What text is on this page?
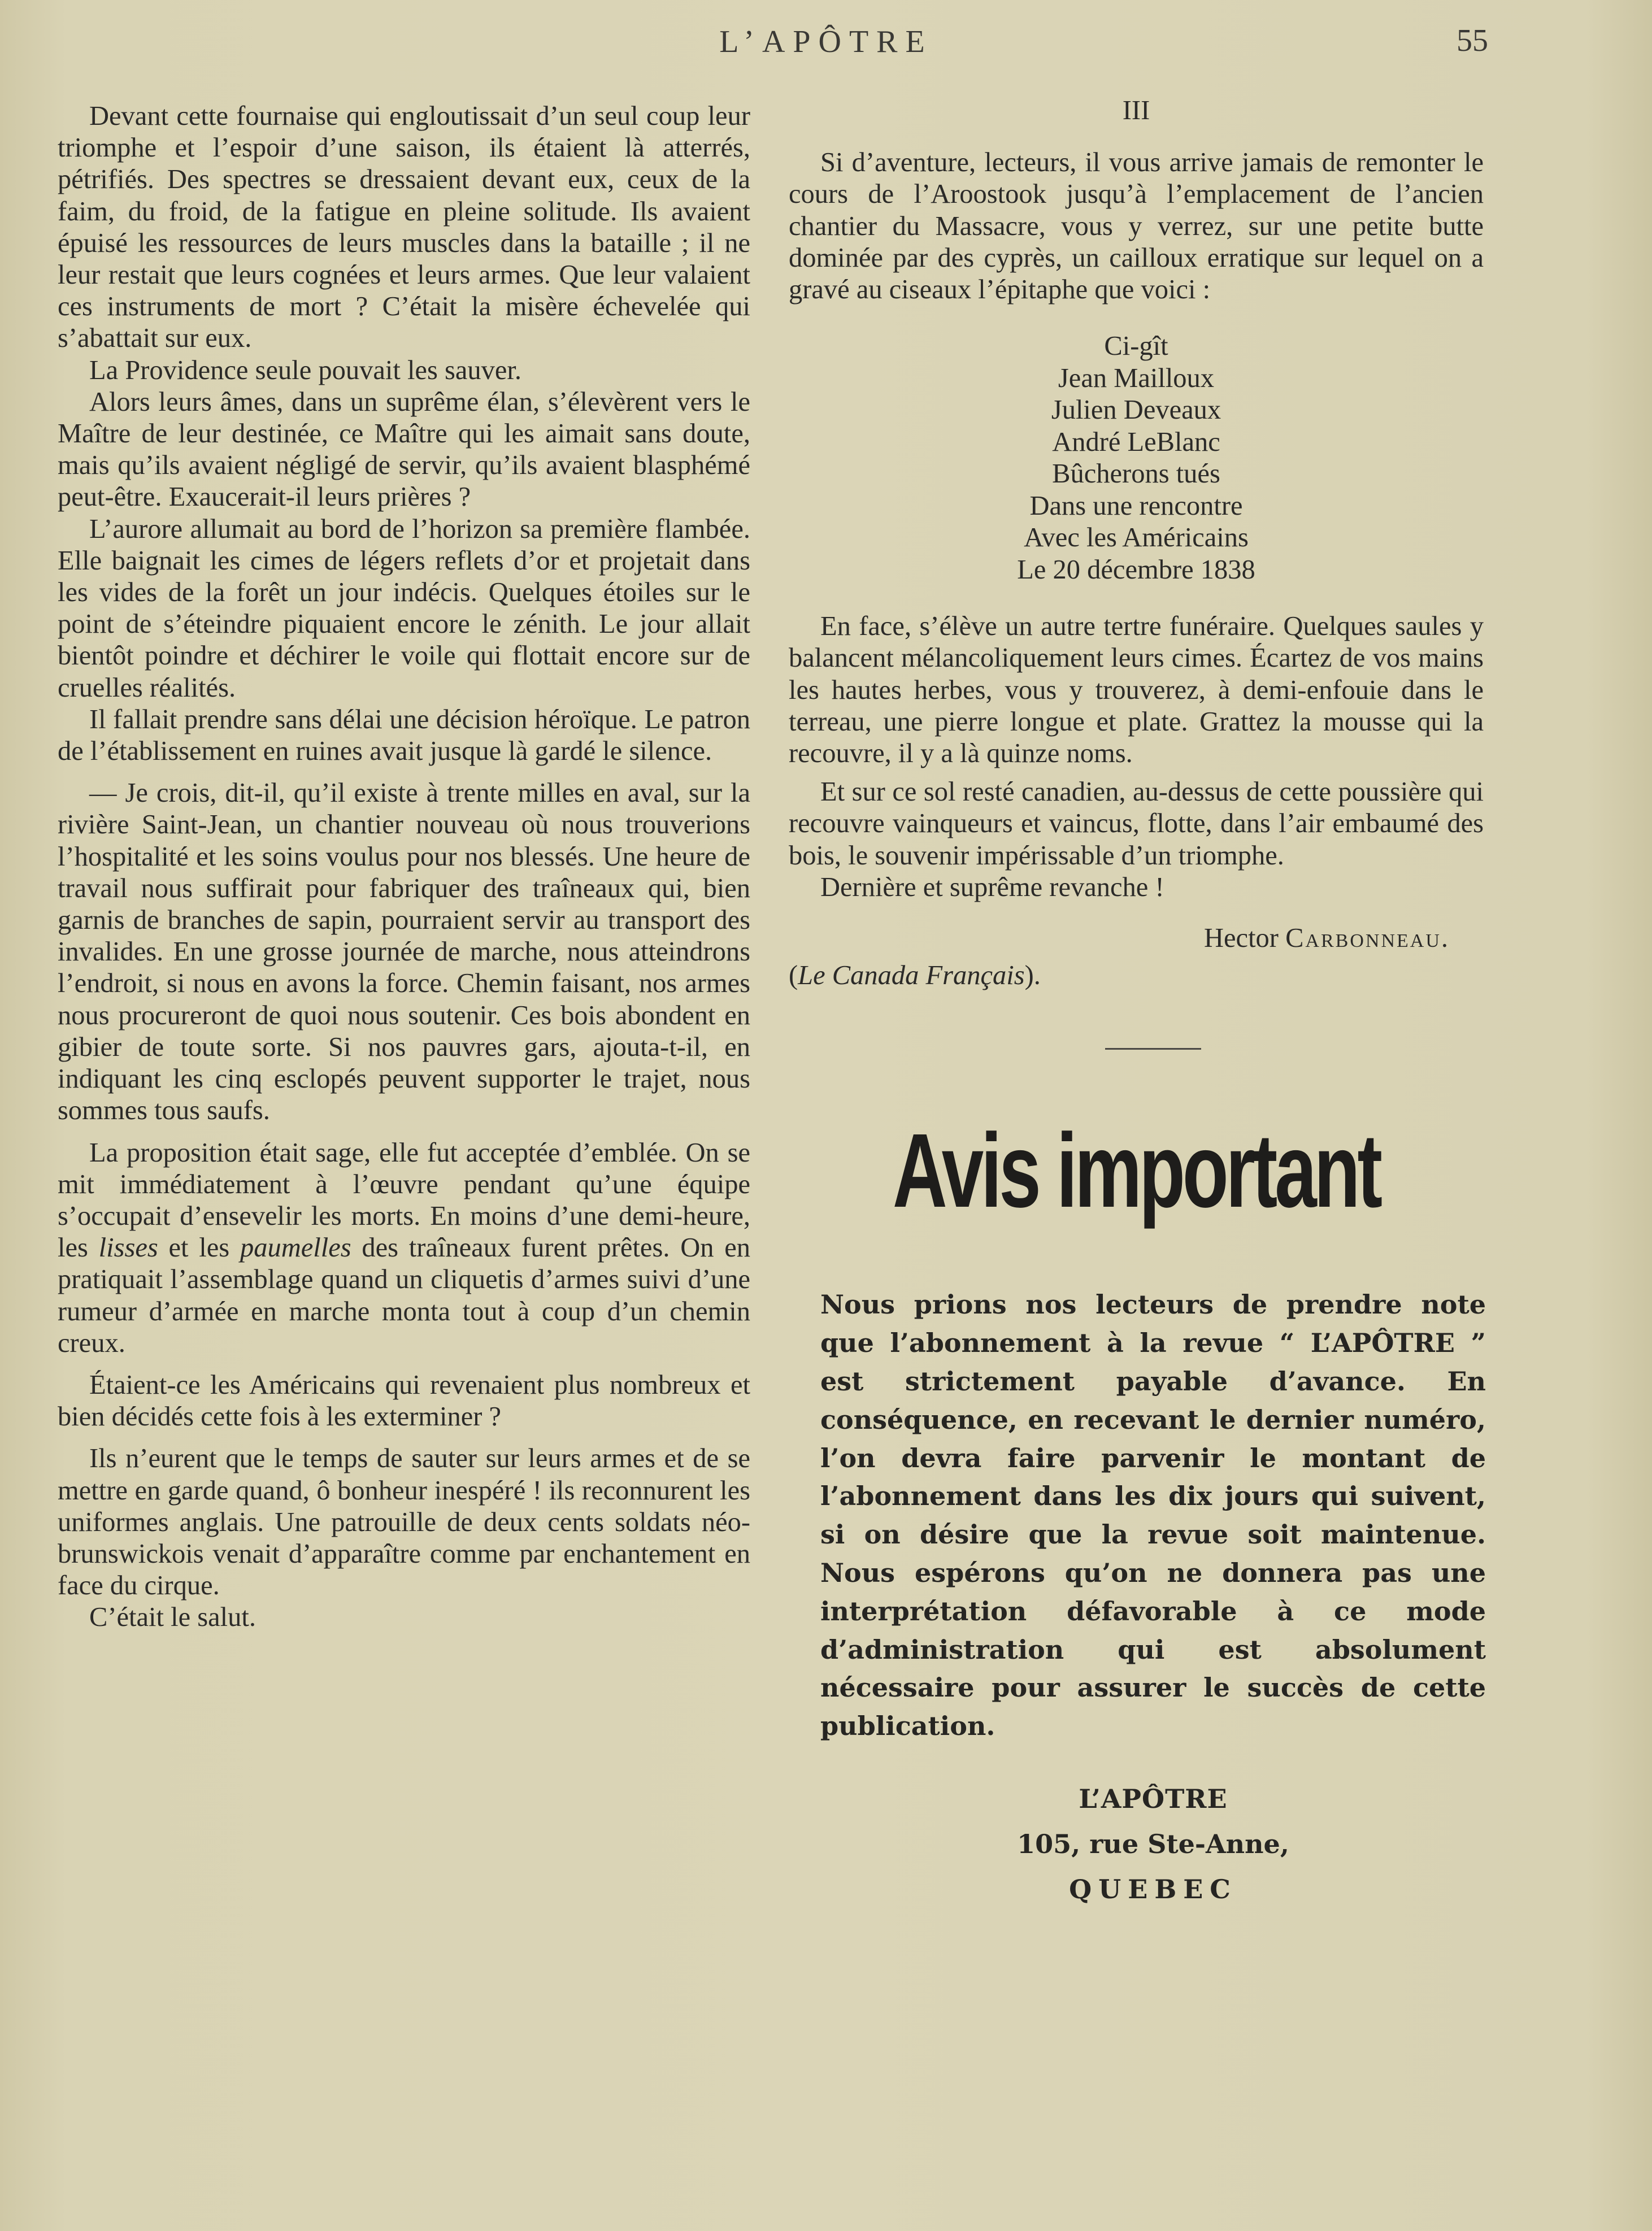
L’APÔTRE	55

Devant cette fournaise qui engloutissait d’un seul coup leur triomphe et l’espoir d’une saison, ils étaient là atterrés, pétrifiés. Des spectres se dressaient devant eux, ceux de la faim, du froid, de la fatigue en pleine solitude. Ils avaient épuisé les ressources de leurs muscles dans la bataille ; il ne leur restait que leurs cognées et leurs armes. Que leur valaient ces instruments de mort ? C’était la misère échevelée qui s’abattait sur eux.

La Providence seule pouvait les sauver.

Alors leurs âmes, dans un suprême élan, s’élevèrent vers le Maître de leur destinée, ce Maître qui les aimait sans doute, mais qu’ils avaient négligé de servir, qu’ils avaient blasphémé peut-être. Exaucerait-il leurs prières ?

L’aurore allumait au bord de l’horizon sa première flambée. Elle baignait les cimes de légers reflets d’or et projetait dans les vides de la forêt un jour indécis. Quelques étoiles sur le point de s’éteindre piquaient encore le zénith. Le jour allait bientôt poindre et déchirer le voile qui flottait encore sur de cruelles réalités.

Il fallait prendre sans délai une décision héroïque. Le patron de l’établissement en ruines avait jusque là gardé le silence.

— Je crois, dit-il, qu’il existe à trente milles en aval, sur la rivière Saint-Jean, un chantier nouveau où nous trouverions l’hospitalité et les soins voulus pour nos blessés. Une heure de travail nous suffirait pour fabriquer des traîneaux qui, bien garnis de branches de sapin, pourraient servir au transport des invalides. En une grosse journée de marche, nous atteindrons l’endroit, si nous en avons la force. Chemin faisant, nos armes nous procureront de quoi nous soutenir. Ces bois abondent en gibier de toute sorte. Si nos pauvres gars, ajouta-t-il, en indiquant les cinq esclopés peuvent supporter le trajet, nous sommes tous saufs.

La proposition était sage, elle fut acceptée d’emblée. On se mit immédiatement à l’œuvre pendant qu’une équipe s’occupait d’ensevelir les morts. En moins d’une demi-heure, les lisses et les paumelles des traîneaux furent prêtes. On en pratiquait l’assemblage quand un cliquetis d’armes suivi d’une rumeur d’armée en marche monta tout à coup d’un chemin creux.

Étaient-ce les Américains qui revenaient plus nombreux et bien décidés cette fois à les exterminer ?

Ils n’eurent que le temps de sauter sur leurs armes et de se mettre en garde quand, ô bonheur inespéré ! ils reconnurent les uniformes anglais. Une patrouille de deux cents soldats néo-brunswickois venait d’apparaître comme par enchantement en face du cirque.

C’était le salut.

III

Si d’aventure, lecteurs, il vous arrive jamais de remonter le cours de l’Aroostook jusqu’à l’emplacement de l’ancien chantier du Massacre, vous y verrez, sur une petite butte dominée par des cyprès, un cailloux erratique sur lequel on a gravé au ciseaux l’épitaphe que voici :

Ci-gît
Jean Mailloux
Julien Deveaux
André LeBlanc
Bûcherons tués
Dans une rencontre
Avec les Américains
Le 20 décembre 1838

En face, s’élève un autre tertre funéraire. Quelques saules y balancent mélancoliquement leurs cimes. Écartez de vos mains les hautes herbes, vous y trouverez, à demi-enfouie dans le terreau, une pierre longue et plate. Grattez la mousse qui la recouvre, il y a là quinze noms.

Et sur ce sol resté canadien, au-dessus de cette poussière qui recouvre vainqueurs et vaincus, flotte, dans l’air embaumé des bois, le souvenir impérissable d’un triomphe.

Dernière et suprême revanche !

Hector Carbonneau.

(Le Canada Français).

Avis important

Nous prions nos lecteurs de prendre note que l’abonnement à la revue “ L’APÔTRE ” est strictement payable d’avance. En conséquence, en recevant le dernier numéro, l’on devra faire parvenir le montant de l’abonnement dans les dix jours qui suivent, si on désire que la revue soit maintenue. Nous espérons qu’on ne donnera pas une interprétation défavorable à ce mode d’administration qui est absolument nécessaire pour assurer le succès de cette publication.

L’APÔTRE
105, rue Ste-Anne,
QUEBEC
